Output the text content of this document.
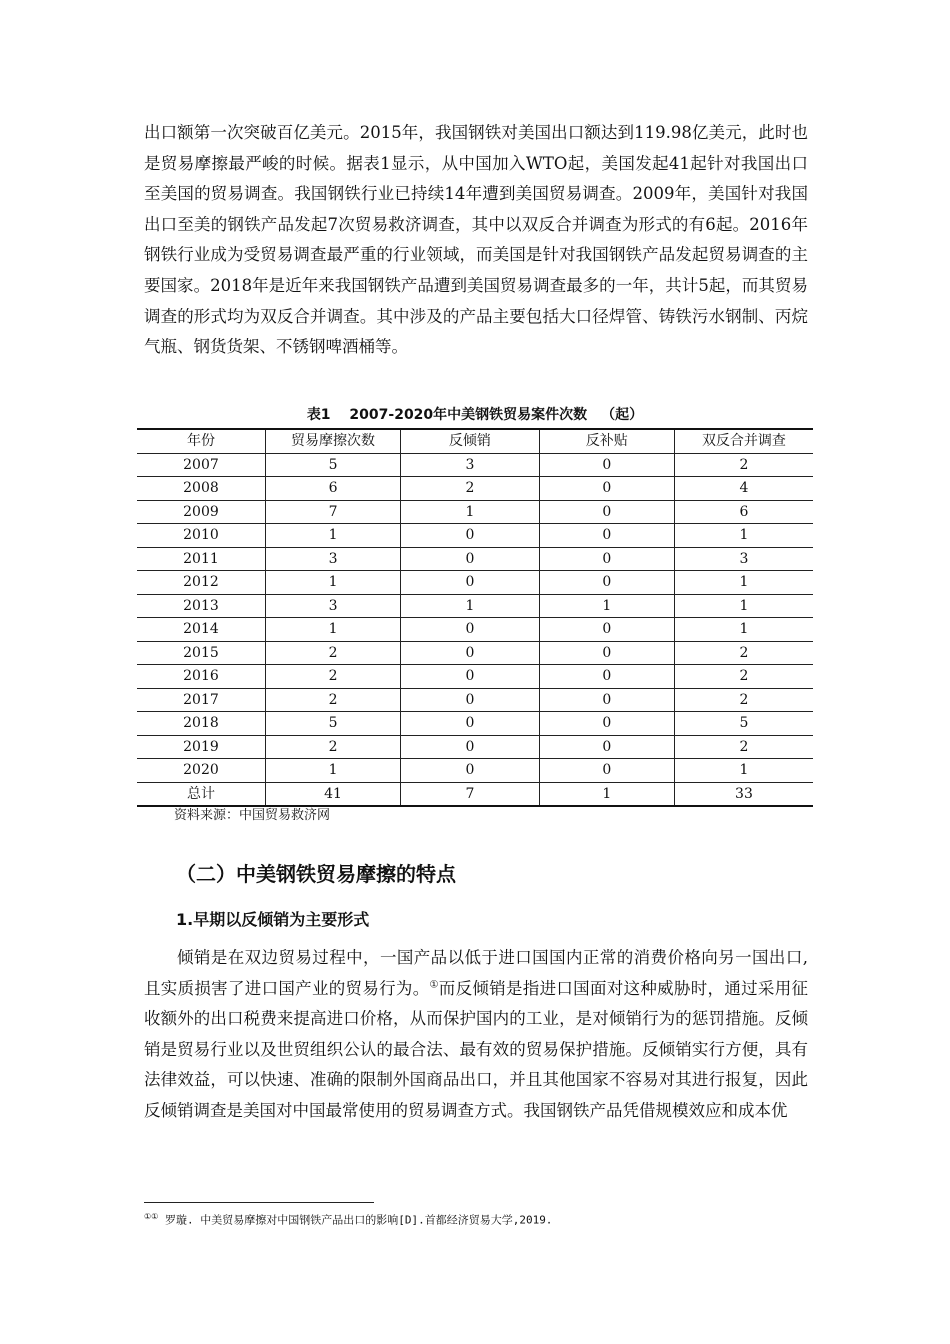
出口额第一次突破百亿美元。2015年，我国钢铁对美国出口额达到119.98亿美元，此时也是贸易摩擦最严峻的时候。据表1显示，从中国加入WTO起，美国发起41起针对我国出口至美国的贸易调查。我国钢铁行业已持续14年遭到美国贸易调查。2009年，美国针对我国出口至美的钢铁产品发起7次贸易救济调查，其中以双反合并调查为形式的有6起。2016年钢铁行业成为受贸易调查最严重的行业领域，而美国是针对我国钢铁产品发起贸易调查的主要国家。2018年是近年来我国钢铁产品遭到美国贸易调查最多的一年，共计5起，而其贸易调查的形式均为双反合并调查。其中涉及的产品主要包括大口径焊管、铸铁污水钢制、丙烷气瓶、钢货货架、不锈钢啤酒桶等。

表1　 2007-2020年中美钢铁贸易案件次数 （起）
年份	贸易摩擦次数	反倾销	反补贴	双反合并调查
2007	5	3	0	2
2008	6	2	0	4
2009	7	1	0	6
2010	1	0	0	1
2011	3	0	0	3
2012	1	0	0	1
2013	3	1	1	1
2014	1	0	0	1
2015	2	0	0	2
2016	2	0	0	2
2017	2	0	0	2
2018	5	0	0	5
2019	2	0	0	2
2020	1	0	0	1
总计	41	7	1	33
资料来源：中国贸易救济网
（二）中美钢铁贸易摩擦的特点
1.早期以反倾销为主要形式

倾销是在双边贸易过程中，一国产品以低于进口国国内正常的消费价格向另一国出口,且实质损害了进口国产业的贸易行为。①而反倾销是指进口国面对这种威胁时，通过采用征收额外的出口税费来提高进口价格，从而保护国内的工业，是对倾销行为的惩罚措施。反倾销是贸易行业以及世贸组织公认的最合法、最有效的贸易保护措施。反倾销实行方便，具有法律效益，可以快速、准确的限制外国商品出口，并且其他国家不容易对其进行报复，因此反倾销调查是美国对中国最常使用的贸易调查方式。我国钢铁产品凭借规模效应和成本优

①① 罗璇. 中美贸易摩擦对中国钢铁产品出口的影响[D].首都经济贸易大学,2019.
